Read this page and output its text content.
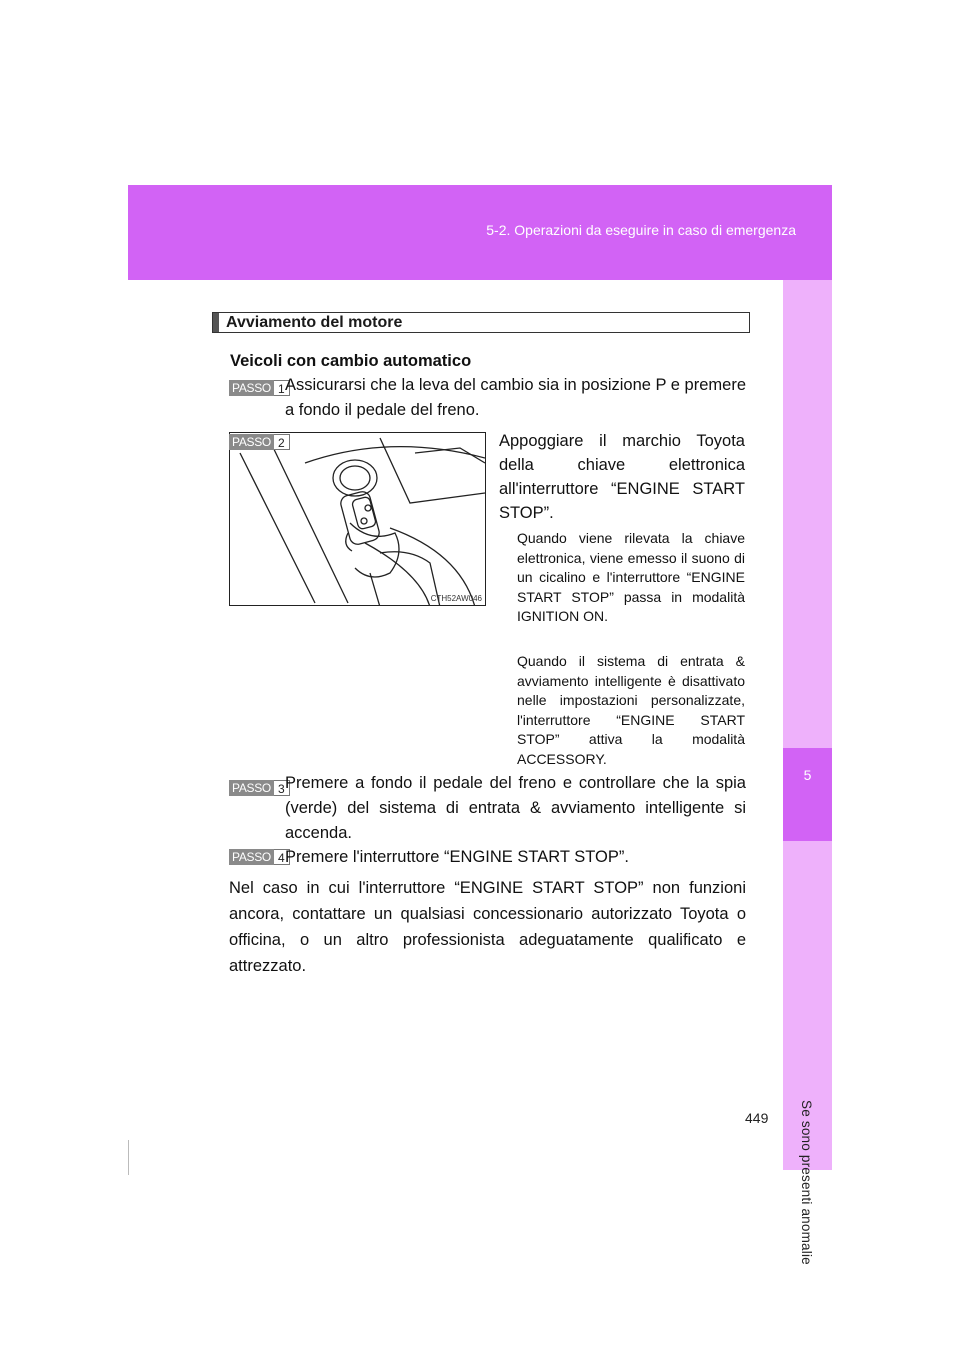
5-2. Operazioni da eseguire in caso di emergenza
5
Se sono presenti anomalie
Avviamento del motore
Veicoli con cambio automatico
PASSO 1 Assicurarsi che la leva del cambio sia in posizione P e premere a fondo il pedale del freno.
CTH52AW046
PASSO 2	Appoggiare il marchio Toyota della chiave elettronica all'interruttore “ENGINE START STOP”.
Quando viene rilevata la chiave elettronica, viene emesso il suono di un cicalino e l'interruttore “ENGINE START STOP” passa in modalità IGNITION ON.
Quando il sistema di entrata & avviamento intelligente è disattivato nelle impostazioni personalizzate, l'interruttore “ENGINE START STOP” attiva la modalità ACCESSORY.
PASSO 3 Premere a fondo il pedale del freno e controllare che la spia (verde) del sistema di entrata & avviamento intelligente si accenda.
PASSO 4 Premere l'interruttore “ENGINE START STOP”.
Nel caso in cui l'interruttore “ENGINE START STOP” non funzioni ancora, contattare un qualsiasi concessionario autorizzato Toyota o officina, o un altro professionista adeguatamente qualificato e attrezzato.
449
